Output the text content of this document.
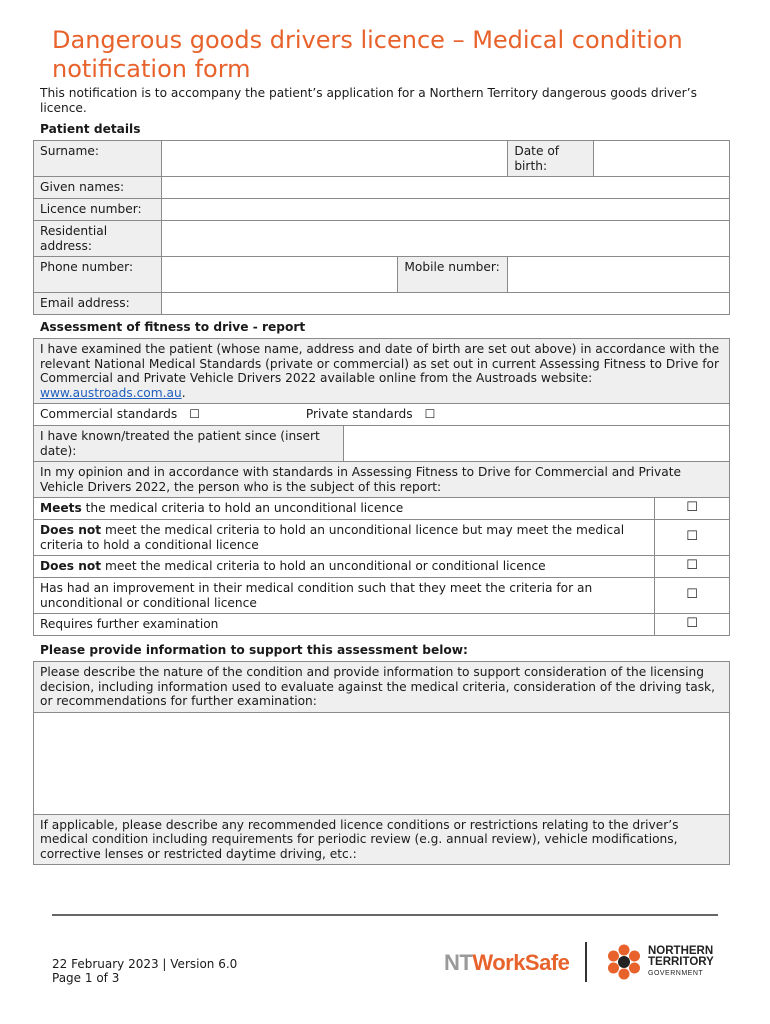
Dangerous goods drivers licence – Medical condition notification form
This notification is to accompany the patient’s application for a Northern Territory dangerous goods driver’s licence.
Patient details
Surname:			Date of birth:	
Given names:				
Licence number:				
Residential address:				
Phone number:		Mobile number:		
Email address:				
Assessment of fitness to drive - report
I have examined the patient (whose name, address and date of birth are set out above) in accordance with the relevant National Medical Standards (private or commercial) as set out in current Assessing Fitness to Drive for Commercial and Private Vehicle Drivers 2022 available online from the Austroads website: www.austroads.com.au.		
Commercial standards ☐ Private standards ☐		
I have known/treated the patient since (insert date):		
In my opinion and in accordance with standards in Assessing Fitness to Drive for Commercial and Private Vehicle Drivers 2022, the person who is the subject of this report:		
Meets the medical criteria to hold an unconditional licence		☐
Does not meet the medical criteria to hold an unconditional licence but may meet the medical criteria to hold a conditional licence		☐
Does not meet the medical criteria to hold an unconditional or conditional licence		☐
Has had an improvement in their medical condition such that they meet the criteria for an unconditional or conditional licence		☐
Requires further examination		☐
Please provide information to support this assessment below:
Please describe the nature of the condition and provide information to support consideration of the licensing decision, including information used to evaluate against the medical criteria, consideration of the driving task, or recommendations for further examination:

If applicable, please describe any recommended licence conditions or restrictions relating to the driver’s medical condition including requirements for periodic review (e.g. annual review), vehicle modifications, corrective lenses or restricted daytime driving, etc.:
22 February 2023 | Version 6.0
Page 1 of 3
NTWorkSafe	NORTHERN
TERRITORY
GOVERNMENT
